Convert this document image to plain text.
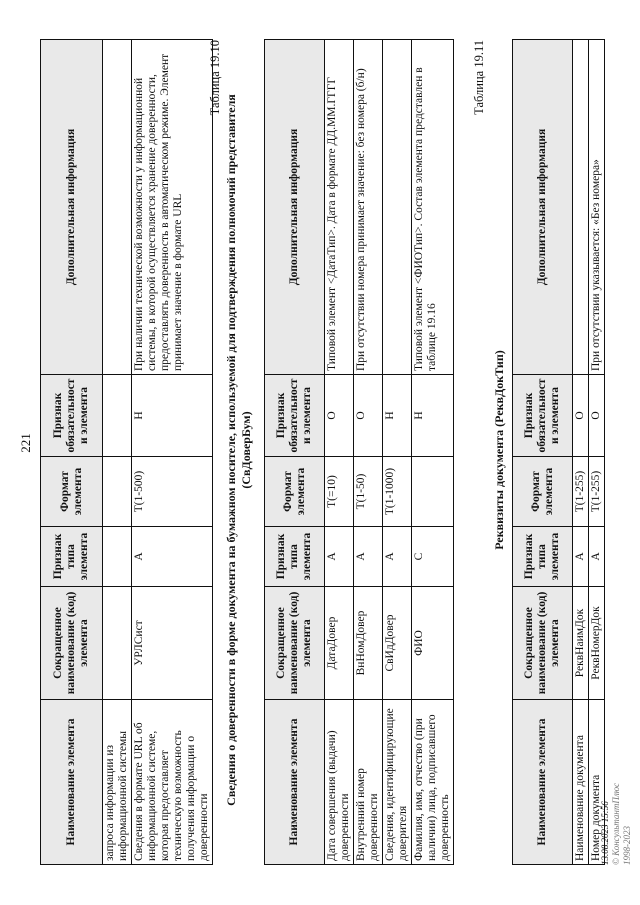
221
Наименование элемента	Сокращенное наименование (код) элемента	Признак типа элемента	Формат элемента	Признак обязательности элемента	Дополнительная информация
запроса информации из информационной системы					
Сведения в формате URL об информационной системе, которая предоставляет техническую возможность получения информации о доверенности	УРЛСист	А	T(1-500)	Н	При наличии технической возможности у информационной системы, в которой осуществляется хранение доверенности, предоставлять доверенность в автоматическом режиме. Элемент принимает значение в формате URL
Таблица 19.10
Сведения о доверенности в форме документа на бумажном носителе, используемой для подтверждения полномочий представителя (СвДоверБум)
Наименование элемента	Сокращенное наименование (код) элемента	Признак типа элемента	Формат элемента	Признак обязательности элемента	Дополнительная информация
Дата совершения (выдачи) доверенности	ДатаДовер	А	T(=10)	О	Типовой элемент <ДатаТип>. Дата в формате ДД.ММ.ГГГГ
Внутренний номер доверенности	ВнНомДовер	А	T(1-50)	О	При отсутствии номера принимает значение: без номера (б/н)
Сведения, идентифицирующие доверителя	СвИдДовер	А	T(1-1000)	Н	
Фамилия, имя, отчество (при наличии) лица, подписавшего доверенность	ФИО	С		Н	Типовой элемент <ФИОТип>. Состав элемента представлен в таблице 19.16
Таблица 19.11
Реквизиты документа (РеквДокТип)
Наименование элемента	Сокращенное наименование (код) элемента	Признак типа элемента	Формат элемента	Признак обязательности элемента	Дополнительная информация
Наименование документа	РеквНаимДок	А	T(1-255)	О	
Номер документа	РеквНомерДок	А	T(1-255)	О	При отсутствии указывается: «Без номера»
13.08.2023 15:56 © КонсультантПлюс 1998-2023
